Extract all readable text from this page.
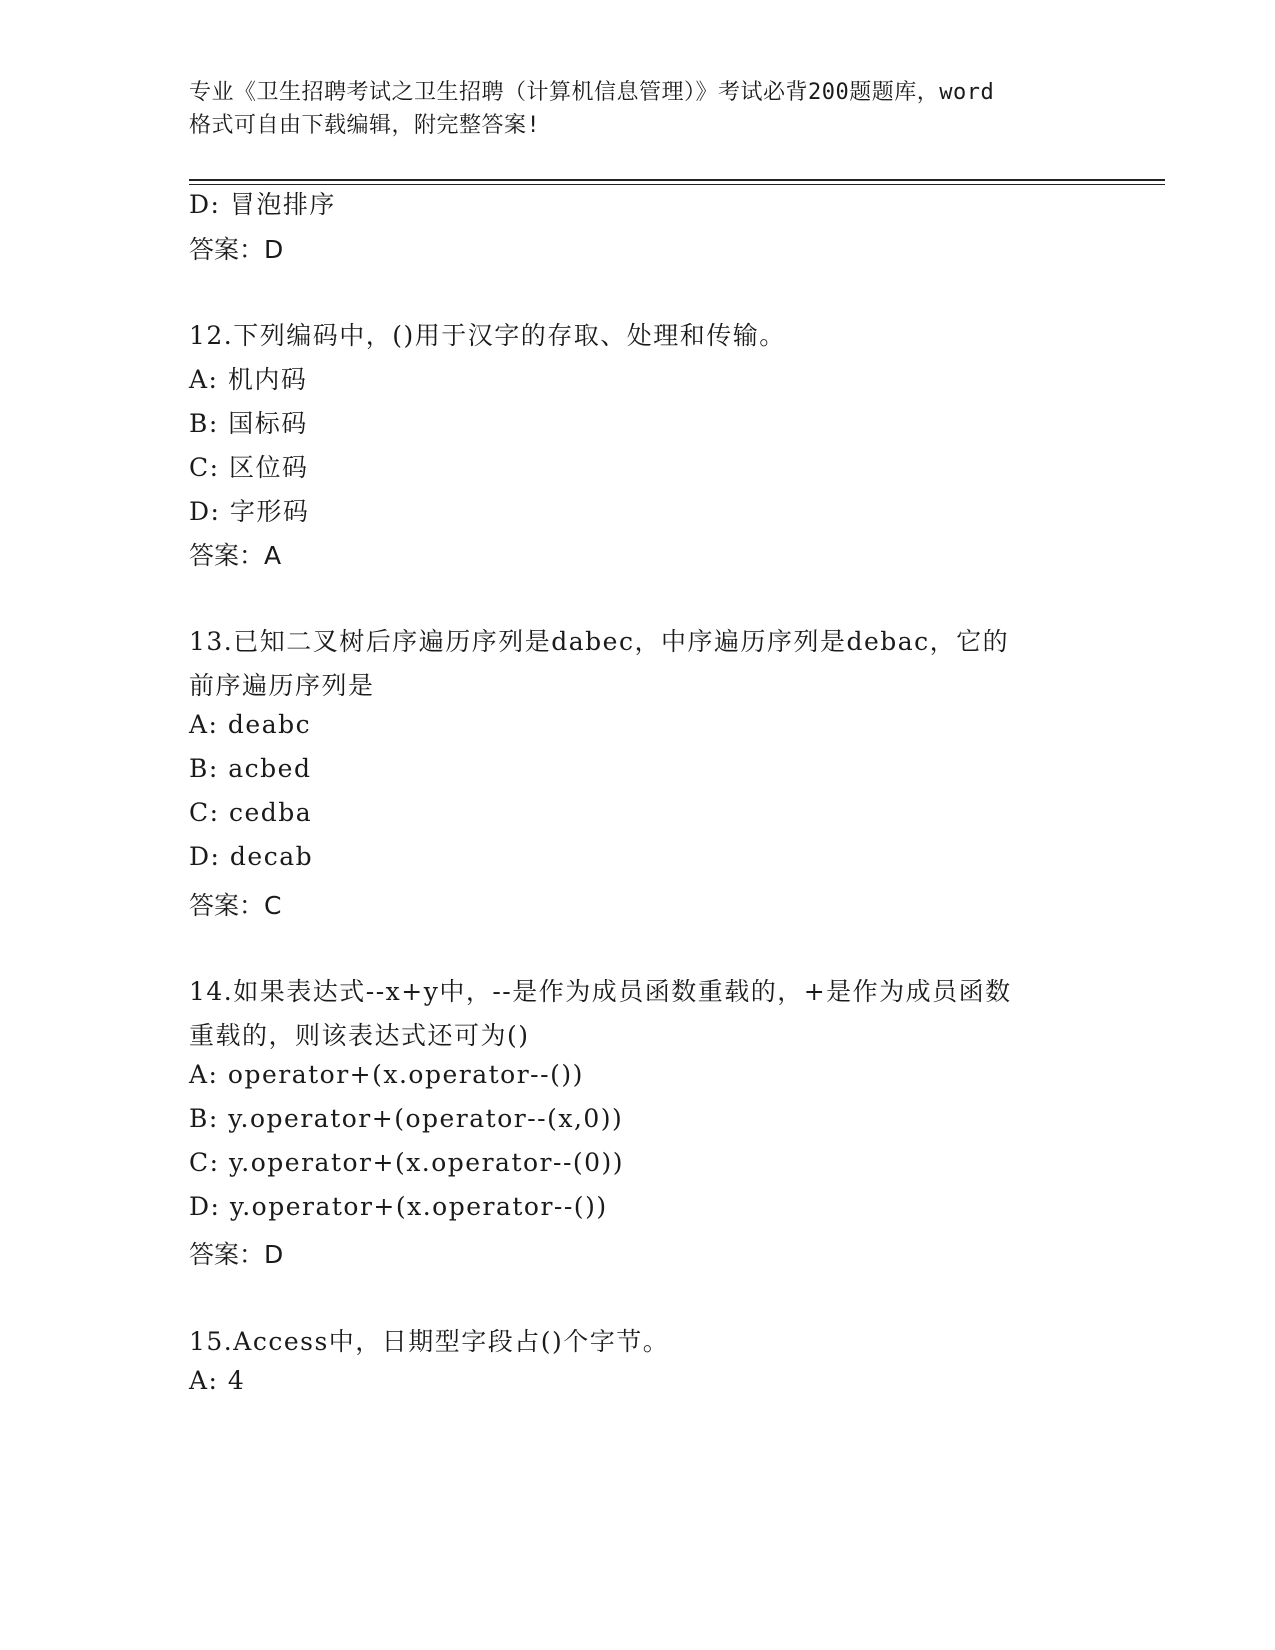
专业《卫生招聘考试之卫生招聘（计算机信息管理）》考试必背200题题库，word
格式可自由下载编辑，附完整答案!
D: 冒泡排序
答案：D
12.下列编码中，()用于汉字的存取、处理和传输。
A: 机内码
B: 国标码
C: 区位码
D: 字形码
答案：A
13.已知二叉树后序遍历序列是dabec，中序遍历序列是debac，它的
前序遍历序列是
A: deabc
B: acbed
C: cedba
D: decab
答案：C
14.如果表达式--x+y中，--是作为成员函数重载的，+是作为成员函数
重载的，则该表达式还可为()
A: operator+(x.operator--())
B: y.operator+(operator--(x,0))
C: y.operator+(x.operator--(0))
D: y.operator+(x.operator--())
答案：D
15.Access中，日期型字段占()个字节。
A: 4
